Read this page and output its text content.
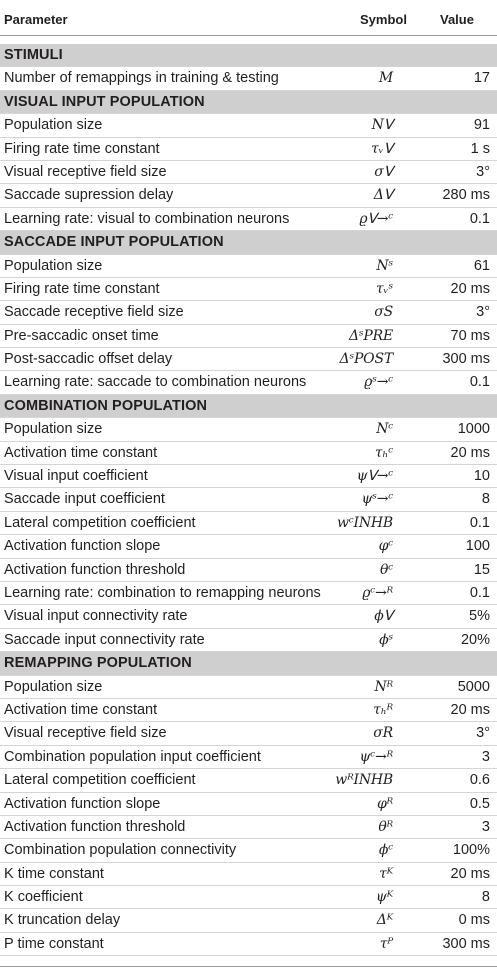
Parameter	Symbol	Value
STIMULI
Number of remappings in training & testing	M	17
VISUAL INPUT POPULATION
Population size	Nᐯ	91
Firing rate time constant	τᵥᐯ	1 s
Visual receptive field size	σᐯ	3°
Saccade supression delay	Δᐯ	280 ms
Learning rate: visual to combination neurons	ϱᐯ→ᶜ	0.1
SACCADE INPUT POPULATION
Population size	Nˢ	61
Firing rate time constant	τᵥˢ	20 ms
Saccade receptive field size	σS	3°
Pre-saccadic onset time	ΔˢPRE	70 ms
Post-saccadic offset delay	ΔˢPOST	300 ms
Learning rate: saccade to combination neurons	ϱˢ→ᶜ	0.1
COMBINATION POPULATION
Population size	Nᶜ	1000
Activation time constant	τₕᶜ	20 ms
Visual input coefficient	ψᐯ→ᶜ	10
Saccade input coefficient	ψˢ→ᶜ	8
Lateral competition coefficient	wᶜINHB	0.1
Activation function slope	φᶜ	100
Activation function threshold	θᶜ	15
Learning rate: combination to remapping neurons	ϱᶜ→ᴿ	0.1
Visual input connectivity rate	ϕᐯ	5%
Saccade input connectivity rate	ϕˢ	20%
REMAPPING POPULATION
Population size	Nᴿ	5000
Activation time constant	τₕᴿ	20 ms
Visual receptive field size	σR	3°
Combination population input coefficient	ψᶜ→ᴿ	3
Lateral competition coefficient	wᴿINHB	0.6
Activation function slope	φᴿ	0.5
Activation function threshold	θᴿ	3
Combination population connectivity	ϕᶜ	100%
K time constant	τᴷ	20 ms
K coefficient	ψᴷ	8
K truncation delay	Δᴷ	0 ms
P time constant	τᴾ	300 ms
